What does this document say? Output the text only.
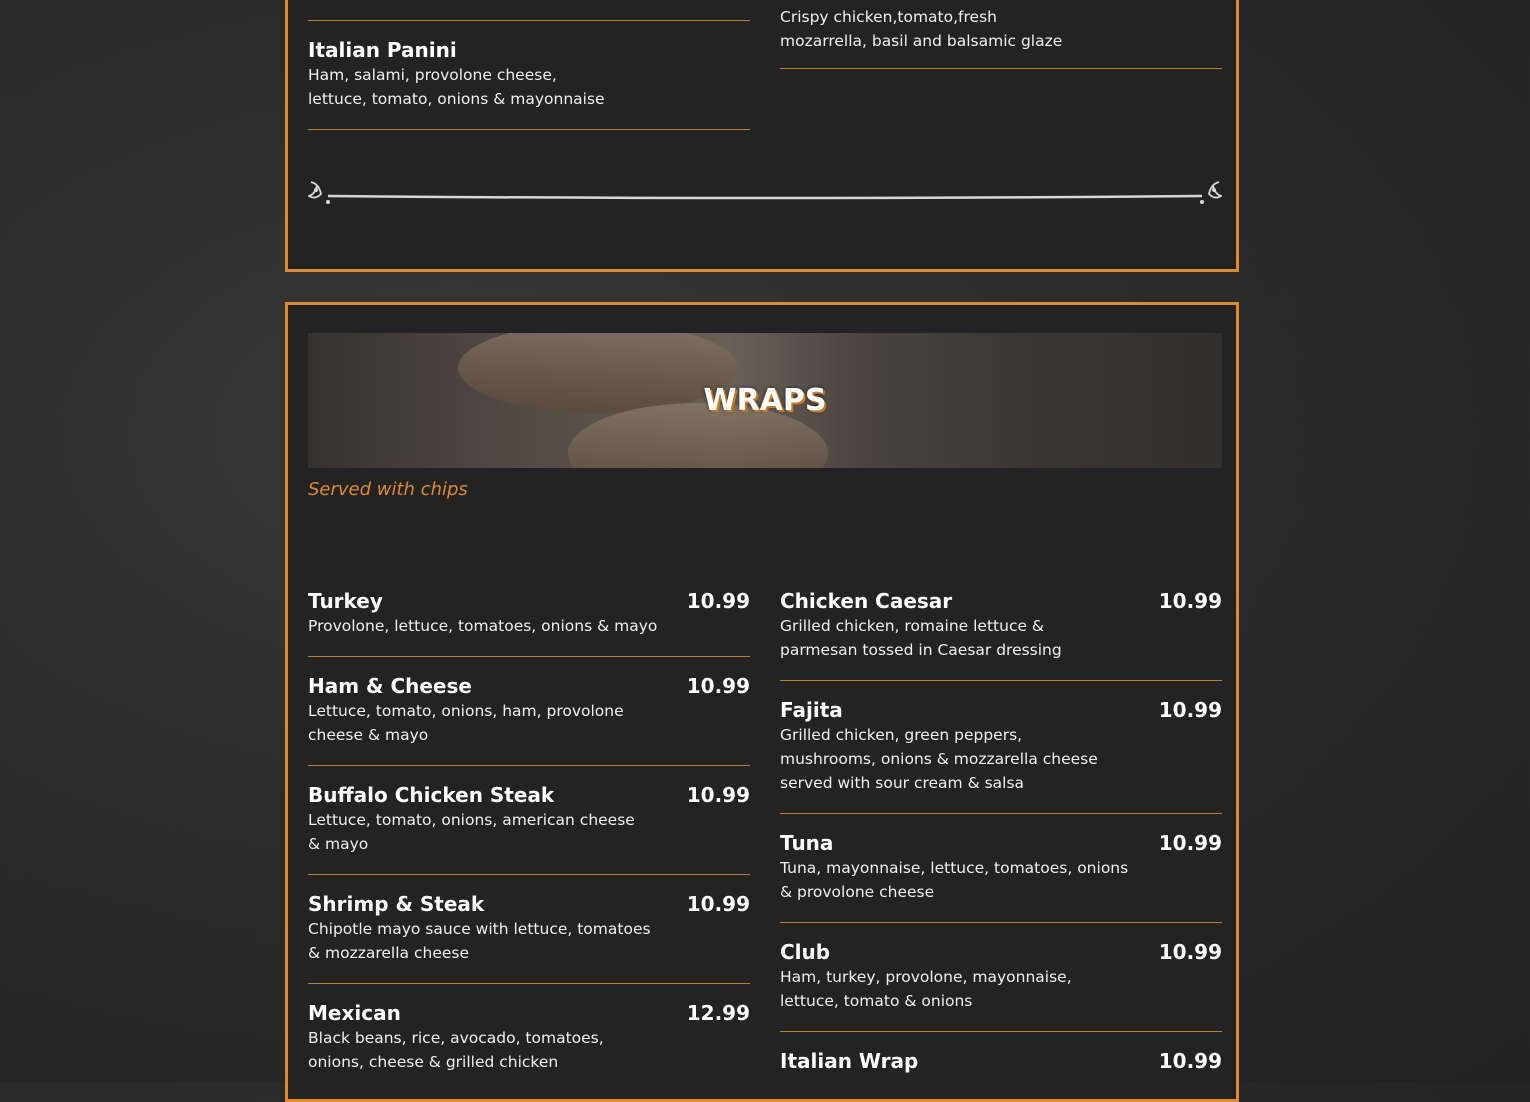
Italian Panini
Ham, salami, provolone cheese, lettuce, tomato, onions & mayonnaise
Crispy chicken,tomato,fresh mozarrella, basil and balsamic glaze
WRAPS
Served with chips
Turkey	10.99
Provolone, lettuce, tomatoes, onions & mayo
Ham & Cheese	10.99
Lettuce, tomato, onions, ham, provolone cheese & mayo
Buffalo Chicken Steak	10.99
Lettuce, tomato, onions, american cheese & mayo
Shrimp & Steak	10.99
Chipotle mayo sauce with lettuce, tomatoes & mozzarella cheese
Mexican	12.99
Black beans, rice, avocado, tomatoes, onions, cheese & grilled chicken
Chicken Caesar	10.99
Grilled chicken, romaine lettuce & parmesan tossed in Caesar dressing
Fajita	10.99
Grilled chicken, green peppers, mushrooms, onions & mozzarella cheese served with sour cream & salsa
Tuna	10.99
Tuna, mayonnaise, lettuce, tomatoes, onions & provolone cheese
Club	10.99
Ham, turkey, provolone, mayonnaise, lettuce, tomato & onions
Italian Wrap	10.99
